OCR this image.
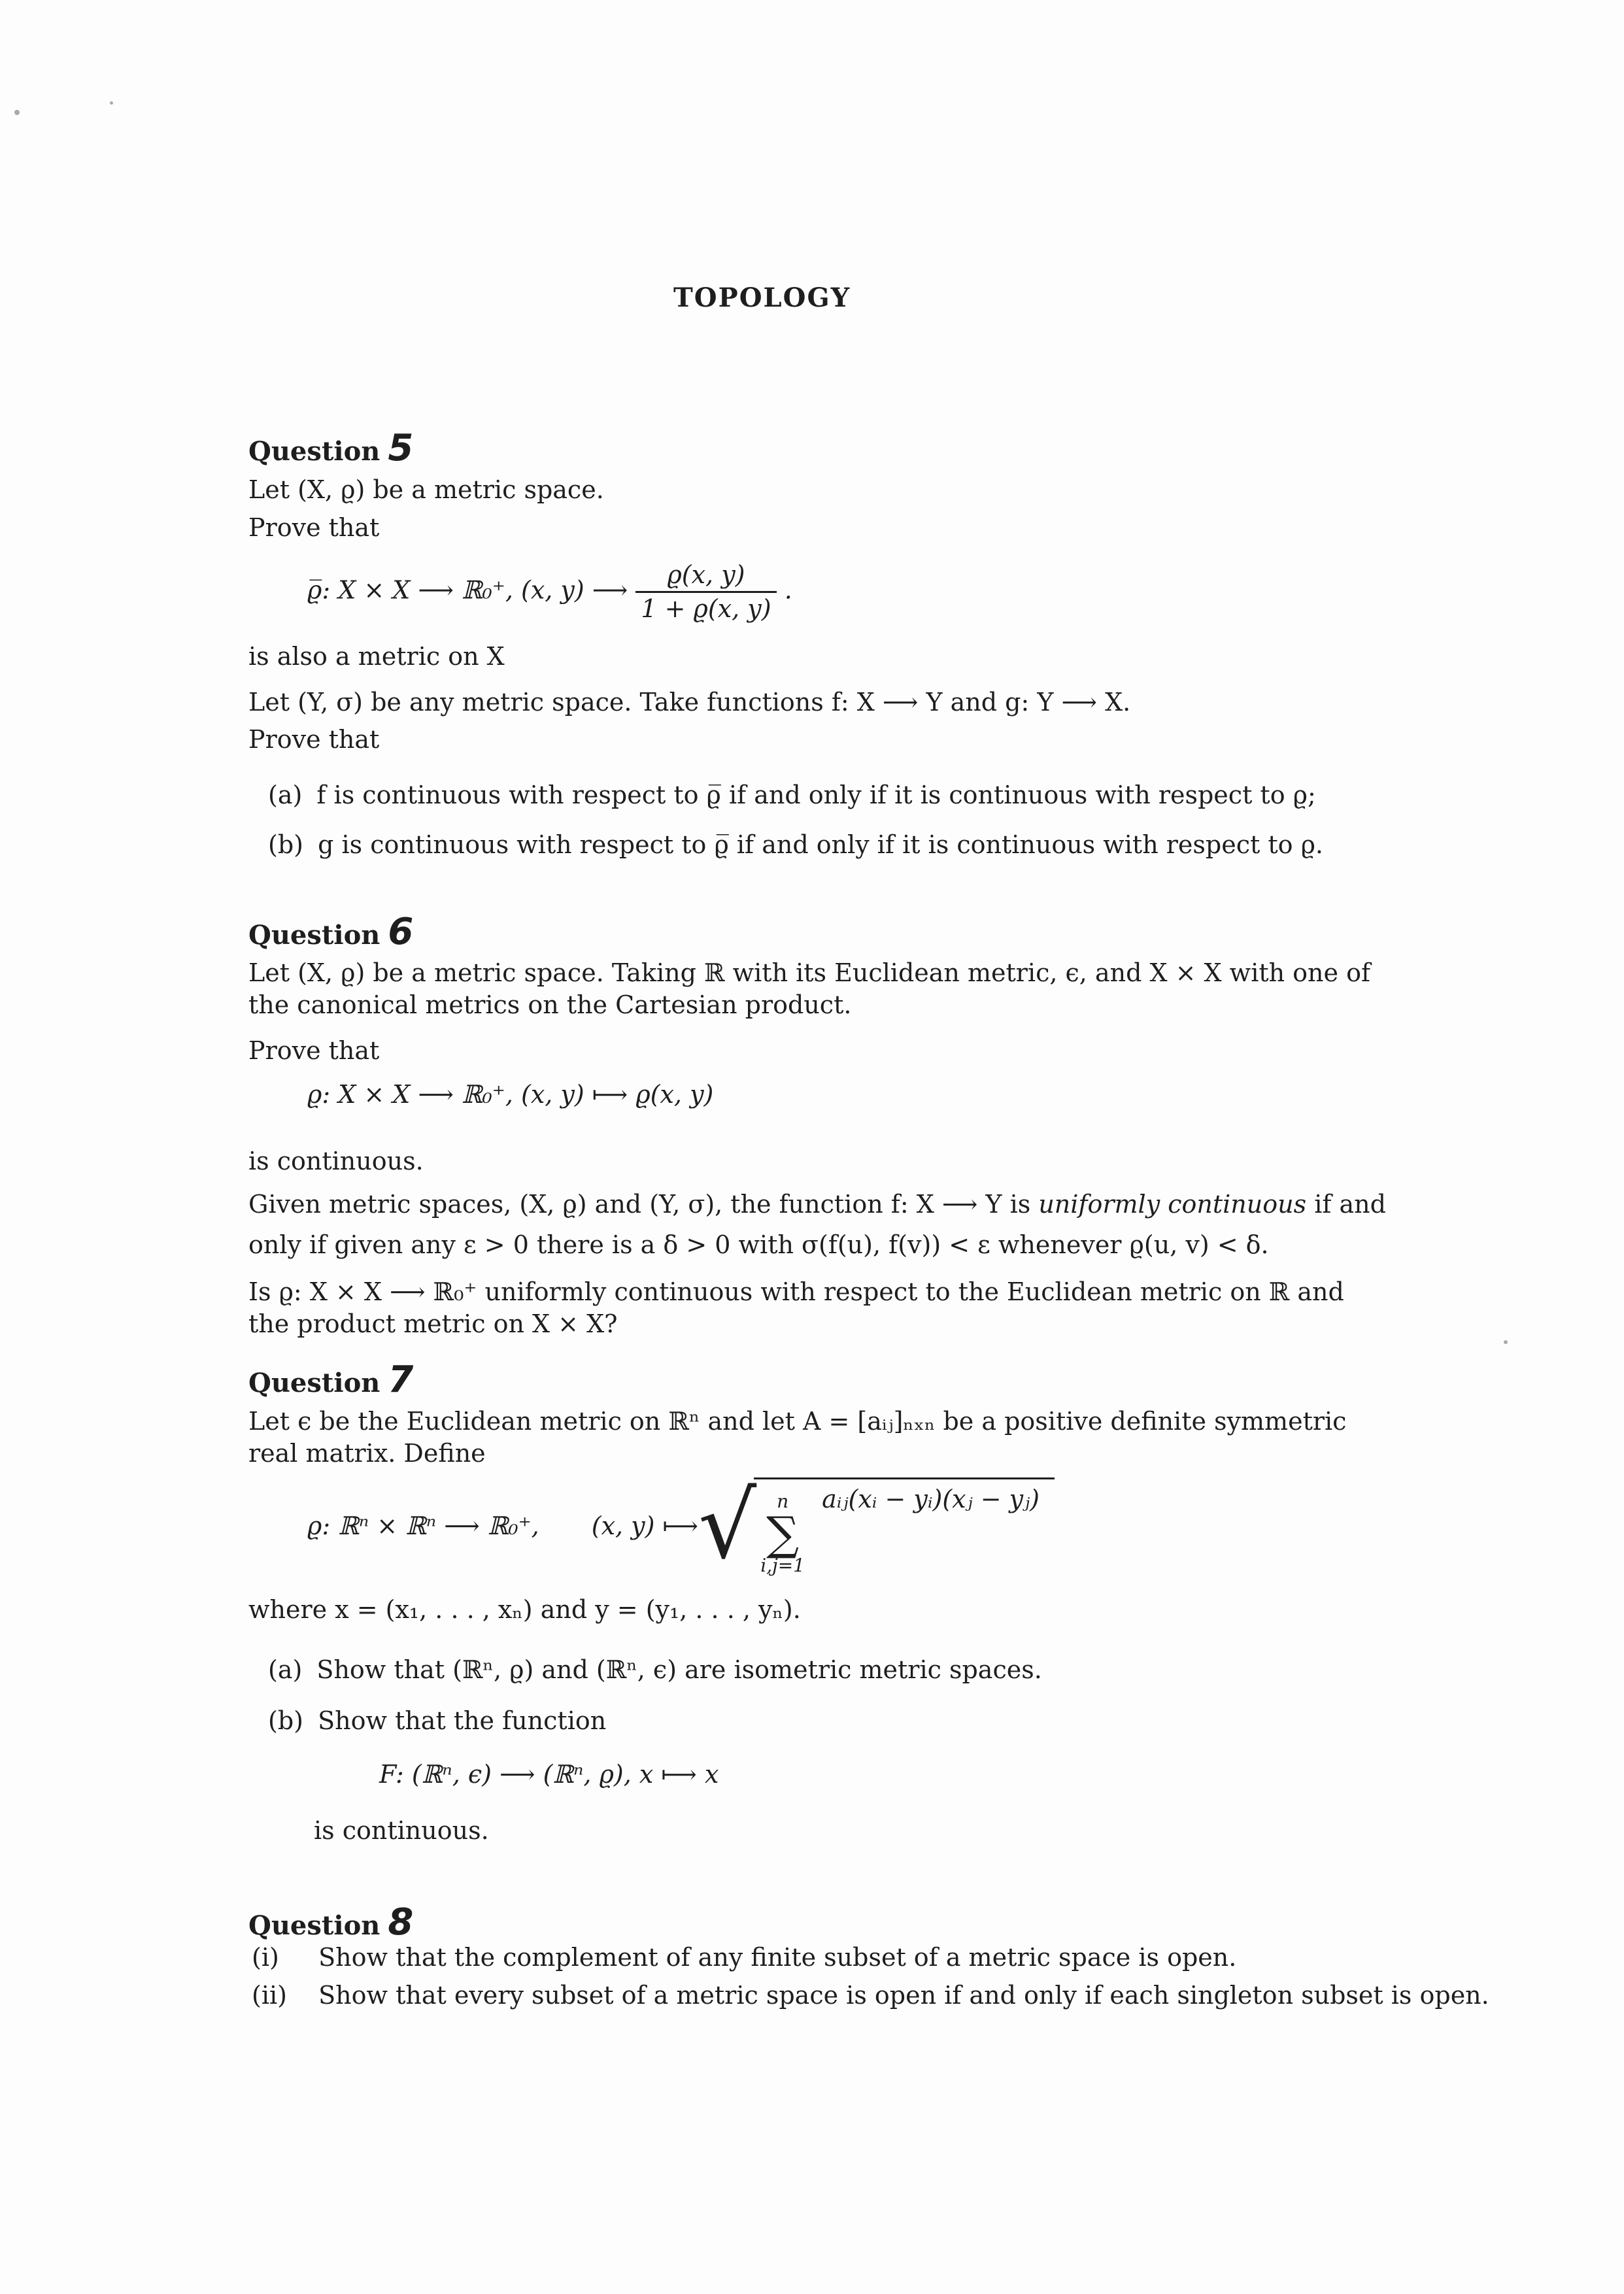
TOPOLOGY
Question 5
Let (X, ϱ) be a metric space.
Prove that
ϱ̅: X × X ⟶ ℝ₀⁺, (x, y) ⟶ $\frac{ϱ(x, y)}{1 + ϱ(x, y)}$ .
is also a metric on X
Let (Y, σ) be any metric space. Take functions f: X ⟶ Y and g: Y ⟶ X.
Prove that
(a) f is continuous with respect to ϱ̅ if and only if it is continuous with respect to ϱ;
(b) g is continuous with respect to ϱ̅ if and only if it is continuous with respect to ϱ.
Question 6
Let (X, ϱ) be a metric space. Taking ℝ with its Euclidean metric, ϵ, and X × X with one of the canonical metrics on the Cartesian product.
Prove that
ϱ: X × X ⟶ ℝ₀⁺, (x, y) ⟼ ϱ(x, y)
is continuous.
Given metric spaces, (X, ϱ) and (Y, σ), the function f: X ⟶ Y is uniformly continuous if and
only if given any ε > 0 there is a δ > 0 with σ(f(u), f(v)) < ε whenever ϱ(u, v) < δ.
Is ϱ: X × X ⟶ ℝ₀⁺ uniformly continuous with respect to the Euclidean metric on ℝ and the product metric on X × X?
Question 7
Let ϵ be the Euclidean metric on ℝⁿ and let A = [aᵢⱼ]ₙₓₙ be a positive definite symmetric real matrix. Define
ϱ: ℝⁿ × ℝⁿ ⟶ ℝ₀⁺, (x, y) ⟼ √ n
∑
i,j=1
aᵢⱼ(xᵢ − yᵢ)(xⱼ − yⱼ)
where x = (x₁, . . . , xₙ) and y = (y₁, . . . , yₙ).
(a) Show that (ℝⁿ, ϱ) and (ℝⁿ, ϵ) are isometric metric spaces.
(b) Show that the function
F: (ℝⁿ, ϵ) ⟶ (ℝⁿ, ϱ), x ⟼ x
is continuous.
Question 8
(i) Show that the complement of any finite subset of a metric space is open.
(ii) Show that every subset of a metric space is open if and only if each singleton subset is open.
